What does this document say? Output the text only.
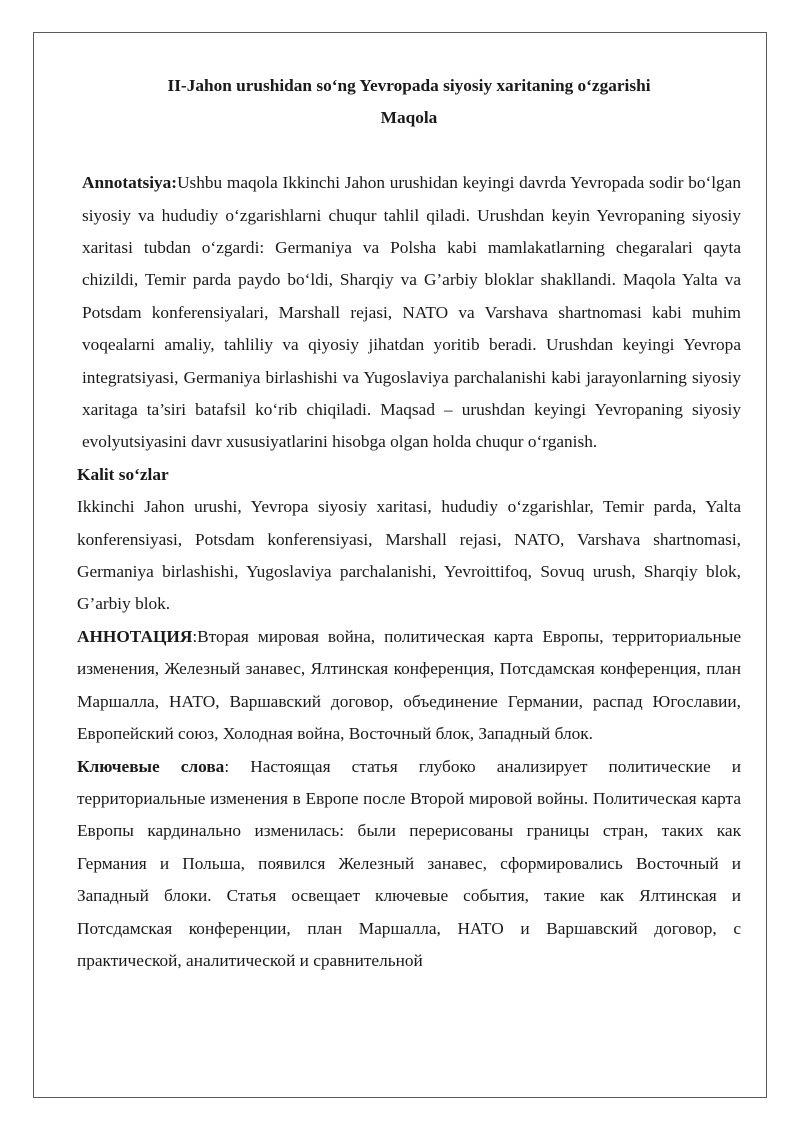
II-Jahon urushidan so‘ng Yevropada siyosiy xaritaning o‘zgarishi
Maqola

Annotatsiya:Ushbu maqola Ikkinchi Jahon urushidan keyingi davrda Yevropada sodir bo‘lgan siyosiy va hududiy o‘zgarishlarni chuqur tahlil qiladi. Urushdan keyin Yevropaning siyosiy xaritasi tubdan o‘zgardi: Germaniya va Polsha kabi mamlakatlarning chegaralari qayta chizildi, Temir parda paydo bo‘ldi, Sharqiy va G’arbiy bloklar shakllandi. Maqola Yalta va Potsdam konferensiyalari, Marshall rejasi, NATO va Varshava shartnomasi kabi muhim voqealarni amaliy, tahliliy va qiyosiy jihatdan yoritib beradi. Urushdan keyingi Yevropa integratsiyasi, Germaniya birlashishi va Yugoslaviya parchalanishi kabi jarayonlarning siyosiy xaritaga ta’siri batafsil ko‘rib chiqiladi. Maqsad – urushdan keyingi Yevropaning siyosiy evolyutsiyasini davr xususiyatlarini hisobga olgan holda chuqur o‘rganish.

Kalit so‘zlar

Ikkinchi Jahon urushi, Yevropa siyosiy xaritasi, hududiy o‘zgarishlar, Temir parda, Yalta konferensiyasi, Potsdam konferensiyasi, Marshall rejasi, NATO, Varshava shartnomasi, Germaniya birlashishi, Yugoslaviya parchalanishi, Yevroittifoq, Sovuq urush, Sharqiy blok, G’arbiy blok.

АННОТАЦИЯ:Вторая мировая война, политическая карта Европы, территориальные изменения, Железный занавес, Ялтинская конференция, Потсдамская конференция, план Маршалла, НАТО, Варшавский договор, объединение Германии, распад Югославии, Европейский союз, Холодная война, Восточный блок, Западный блок.

Ключевые слова: Настоящая статья глубоко анализирует политические и территориальные изменения в Европе после Второй мировой войны. Политическая карта Европы кардинально изменилась: были перерисованы границы стран, таких как Германия и Польша, появился Железный занавес, сформировались Восточный и Западный блоки. Статья освещает ключевые события, такие как Ялтинская и Потсдамская конференции, план Маршалла, НАТО и Варшавский договор, с практической, аналитической и сравнительной
